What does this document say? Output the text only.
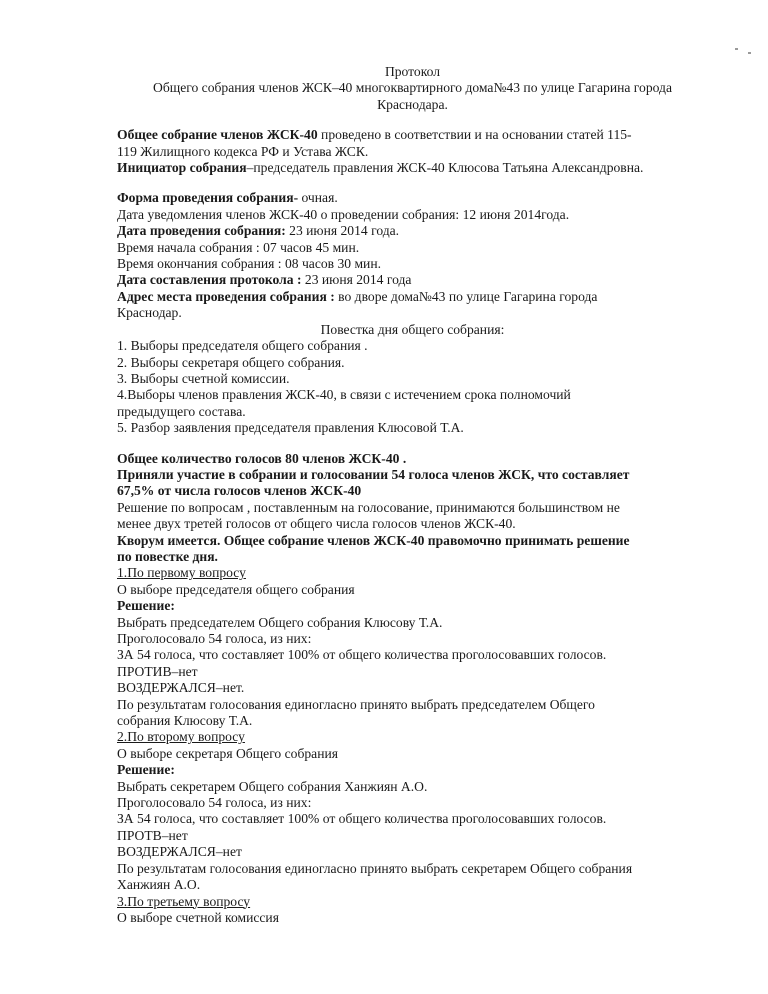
Протокол
Общего собрания членов ЖСК–40 многоквартирного дома№43 по улице Гагарина города
Краснодара.
Общее собрание членов ЖСК-40 проведено в соответствии и на основании статей 115-
119 Жилищного кодекса РФ и Устава ЖСК.
Инициатор собрания–председатель правления ЖСК-40 Клюсова Татьяна Александровна.
Форма проведения собрания- очная.
Дата уведомления членов ЖСК-40 о проведении собрания: 12 июня 2014года.
Дата проведения собрания: 23 июня 2014 года.
Время начала собрания : 07 часов 45 мин.
Время окончания собрания : 08 часов 30 мин.
Дата составления протокола : 23 июня 2014 года
Адрес места проведения собрания : во дворе дома№43 по улице Гагарина города
Краснодар.
Повестка дня общего собрания:
1. Выборы председателя общего собрания .
2. Выборы секретаря общего собрания.
3. Выборы счетной комиссии.
4.Выборы членов правления ЖСК-40, в связи с истечением срока полномочий
предыдущего состава.
5. Разбор заявления председателя правления Клюсовой Т.А.
Общее количество голосов 80 членов ЖСК-40 .
Приняли участие в собрании и голосовании 54 голоса членов ЖСК, что составляет
67,5% от числа голосов членов ЖСК-40
Решение по вопросам , поставленным на голосование, принимаются большинством не
менее двух третей голосов от общего числа голосов членов ЖСК-40.
Кворум имеется. Общее собрание членов ЖСК-40 правомочно принимать решение
по повестке дня.
1.По первому вопросу
О выборе председателя общего собрания
Решение:
Выбрать председателем Общего собрания Клюсову Т.А.
Проголосовало 54 голоса, из них:
ЗА 54 голоса, что составляет 100% от общего количества проголосовавших голосов.
ПРОТИВ–нет
ВОЗДЕРЖАЛСЯ–нет.
По результатам голосования единогласно принято выбрать председателем Общего
собрания Клюсову Т.А.
2.По второму вопросу
О выборе секретаря Общего собрания
Решение:
Выбрать секретарем Общего собрания Ханжиян А.О.
Проголосовало 54 голоса, из них:
ЗА 54 голоса, что составляет 100% от общего количества проголосовавших голосов.
ПРОТВ–нет
ВОЗДЕРЖАЛСЯ–нет
По результатам голосования единогласно принято выбрать секретарем Общего собрания
Ханжиян А.О.
3.По третьему вопросу
О выборе счетной комиссия
